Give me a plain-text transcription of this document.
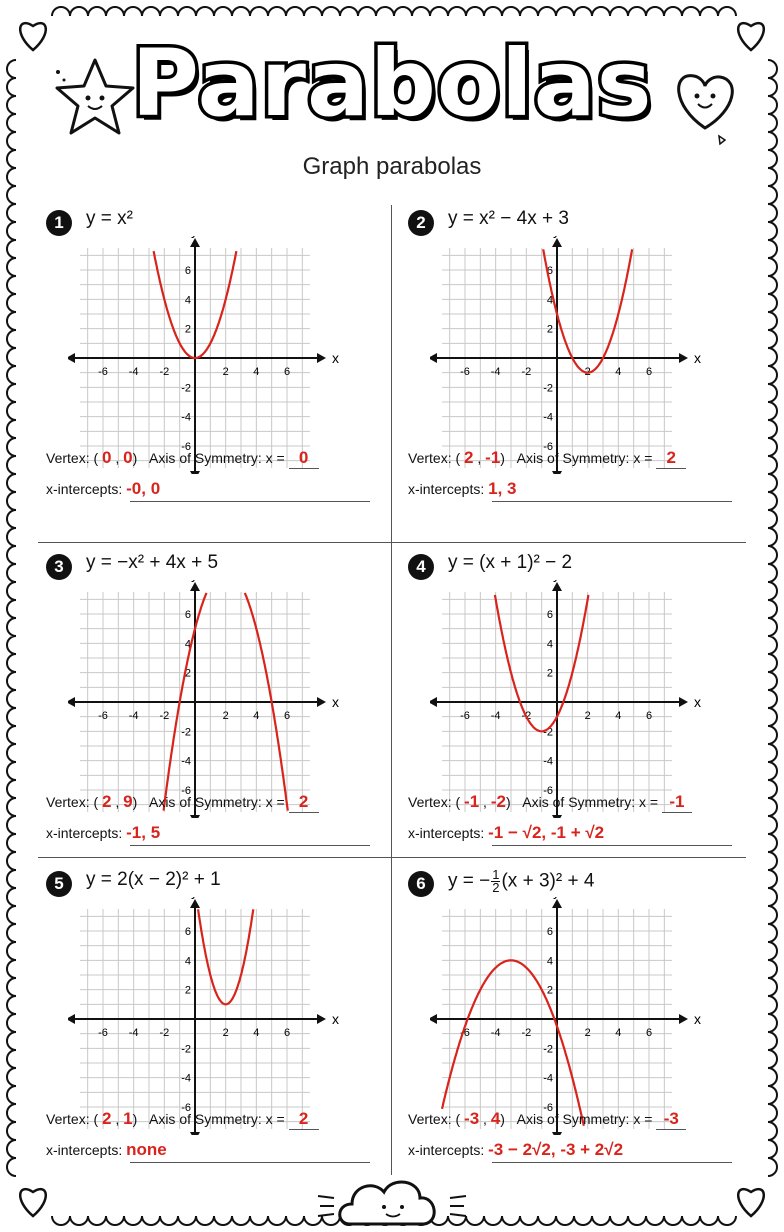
Parabolas
Graph parabolas
1	y = x²
x
-6 -4 -2	2 4 6
6
4
2
-2
-4
-6
Vertex: ( 0 , 0) Axis of Symmetry: x = 0
x-intercepts: -0, 0
2	y = x² − 4x + 3
x
-6 -4 -2	2 4 6
6
4
2
-2
-4
-6
Vertex: ( 2 , -1) Axis of Symmetry: x = 2
x-intercepts: 1, 3
3	y = −x² + 4x + 5
x
-6 -4 -2	2 4 6
6
4
2
-2
-4
-6
Vertex: ( 2 , 9) Axis of Symmetry: x = 2
x-intercepts: -1, 5
4	y = (x + 1)² − 2
x
-6 -4 -2	2 4 6
6
4
2
-2
-4
-6
Vertex: ( -1 , -2) Axis of Symmetry: x = -1
x-intercepts: -1 − √2, -1 + √2
5	y = 2(x − 2)² + 1
x
-6 -4 -2	2 4 6
6
4
2
-2
-4
-6
Vertex: ( 2 , 1) Axis of Symmetry: x = 2
x-intercepts: none
6	y = − $\frac{1}{2} (x + 3)^2 + 4$
x
-6 -4 -2	2 4 6
6
4
2
-2
-4
-6
Vertex: ( -3 , 4) Axis of Symmetry: x = -3
x-intercepts: -3 − 2√2, -3 + 2√2
